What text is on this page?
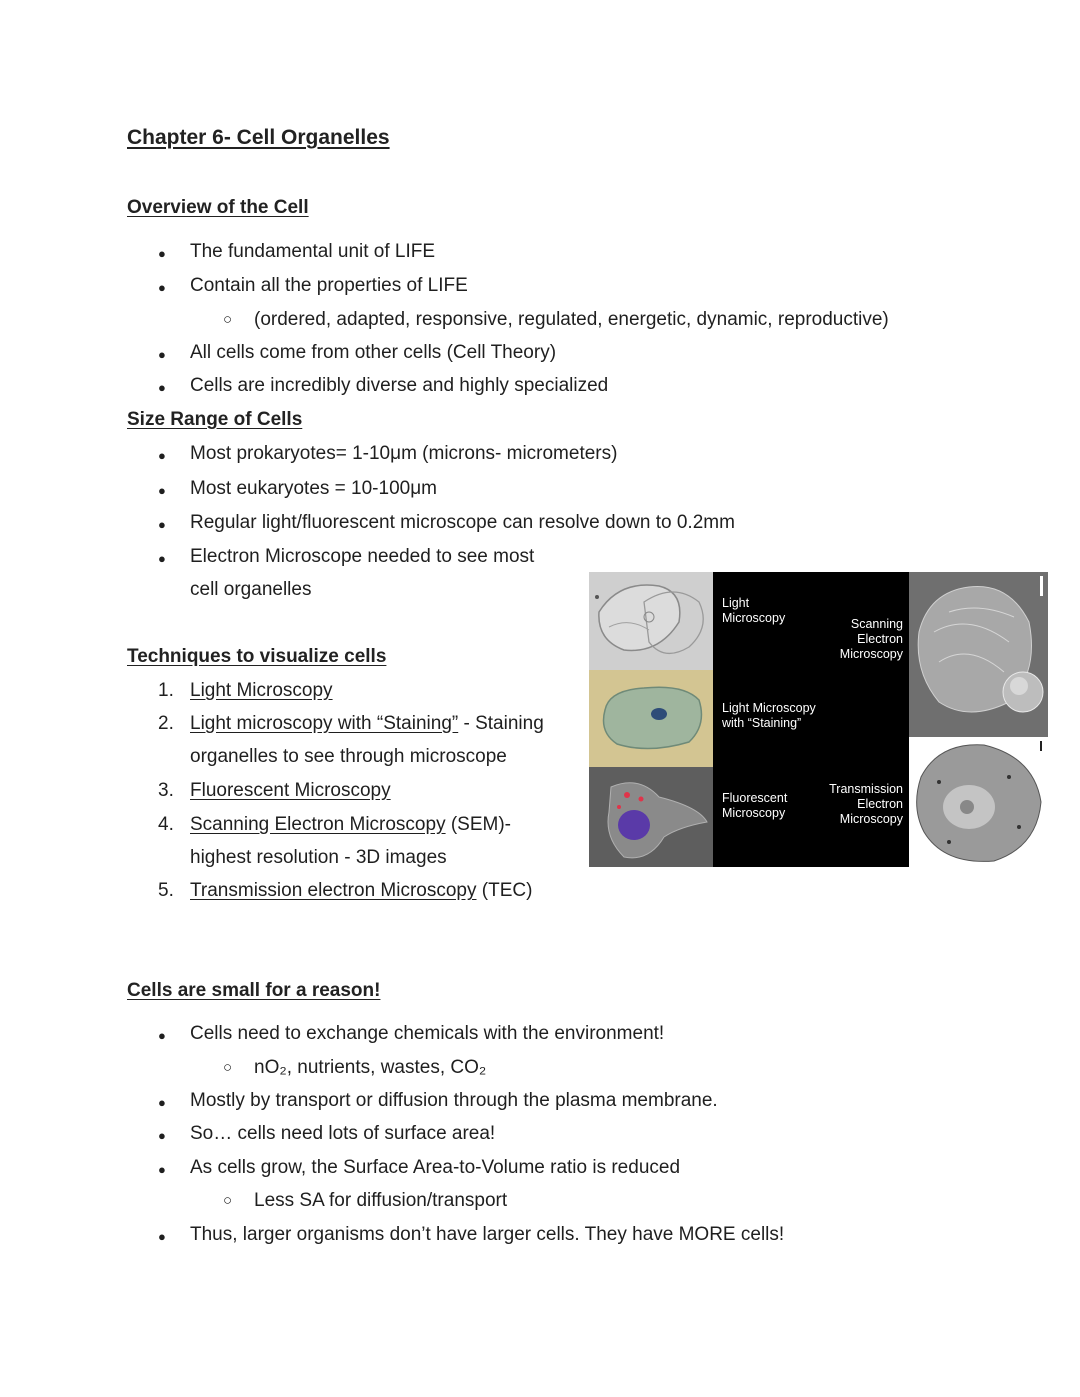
Chapter 6- Cell Organelles
Overview of the Cell
● The fundamental unit of LIFE
● Contain all the properties of LIFE
○ (ordered, adapted, responsive, regulated, energetic, dynamic, reproductive)
● All cells come from other cells (Cell Theory)
● Cells are incredibly diverse and highly specialized
Size Range of Cells
● Most prokaryotes= 1-10μm (microns- micrometers)
● Most eukaryotes = 10-100μm
● Regular light/fluorescent microscope can resolve down to 0.2mm
● Electron Microscope needed to see most
cell organelles
Techniques to visualize cells
1. Light Microscopy
2. Light microscopy with “Staining” - Staining
organelles to see through microscope
3. Fluorescent Microscopy
4. Scanning Electron Microscopy (SEM)-
highest resolution - 3D images
5. Transmission electron Microscopy (TEC)
Light
Microscopy
Light Microscopy
with “Staining”
Fluorescent
Microscopy
Scanning
Electron
Microscopy
Transmission
Electron
Microscopy
Cells are small for a reason!
● Cells need to exchange chemicals with the environment!
○ nO₂, nutrients, wastes, CO₂
● Mostly by transport or diffusion through the plasma membrane.
● So… cells need lots of surface area!
● As cells grow, the Surface Area-to-Volume ratio is reduced
○ Less SA for diffusion/transport
● Thus, larger organisms don’t have larger cells. They have MORE cells!
